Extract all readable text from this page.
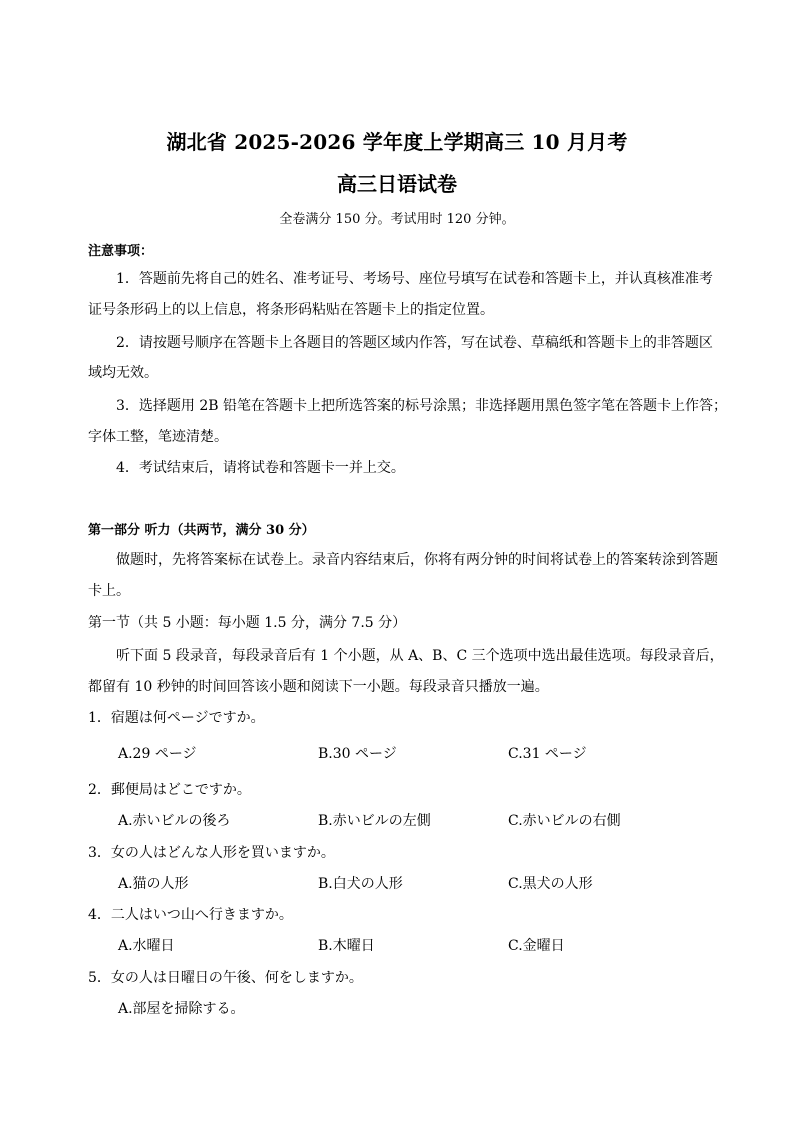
湖北省 2025-2026 学年度上学期高三 10 月月考
高三日语试卷
全卷满分 150 分。考试用时 120 分钟。
注意事项：
1．答题前先将自己的姓名、准考证号、考场号、座位号填写在试卷和答题卡上，并认真核准准考
证号条形码上的以上信息，将条形码粘贴在答题卡上的指定位置。
2．请按题号顺序在答题卡上各题目的答题区域内作答，写在试卷、草稿纸和答题卡上的非答题区
域均无效。
3．选择题用 2B 铅笔在答题卡上把所选答案的标号涂黑；非选择题用黑色签字笔在答题卡上作答；
字体工整，笔迹清楚。
4．考试结束后，请将试卷和答题卡一并上交。
第一部分 听力（共两节，满分 30 分）
做题时，先将答案标在试卷上。录音内容结束后，你将有两分钟的时间将试卷上的答案转涂到答题
卡上。
第一节（共 5 小题：每小题 1.5 分，满分 7.5 分）
听下面 5 段录音，每段录音后有 1 个小题，从 A、B、C 三个选项中选出最佳选项。每段录音后，
都留有 10 秒钟的时间回答该小题和阅读下一小题。每段录音只播放一遍。
1．宿題は何ページですか。
A.29 ページ	B.30 ページ	C.31 ページ
2．郵便局はどこですか。
A.赤いビルの後ろ	B.赤いビルの左側	C.赤いビルの右側
3．女の人はどんな人形を買いますか。
A.猫の人形	B.白犬の人形	C.黒犬の人形
4．二人はいつ山へ行きますか。
A.水曜日	B.木曜日	C.金曜日
5．女の人は日曜日の午後、何をしますか。
A.部屋を掃除する。
